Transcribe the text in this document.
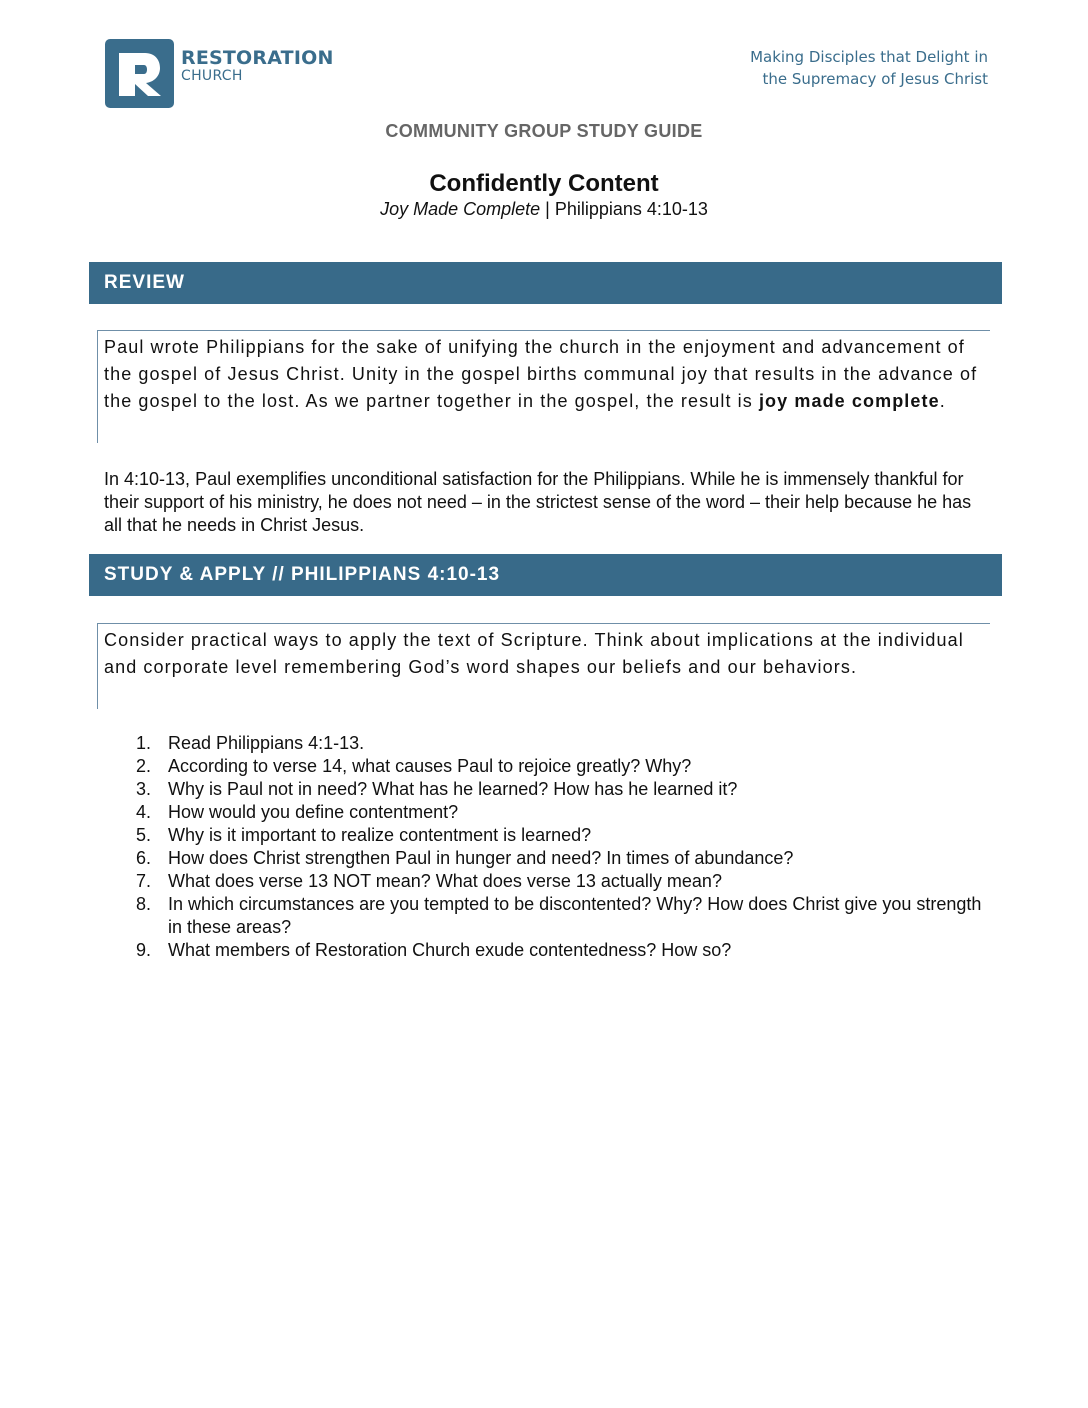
RESTORATION
CHURCH
Making Disciples that Delight in
the Supremacy of Jesus Christ
COMMUNITY GROUP STUDY GUIDE
Confidently Content
Joy Made Complete | Philippians 4:10-13
REVIEW
Paul wrote Philippians for the sake of unifying the church in the enjoyment and advancement of the gospel of Jesus Christ. Unity in the gospel births communal joy that results in the advance of the gospel to the lost. As we partner together in the gospel, the result is joy made complete.
In 4:10-13, Paul exemplifies unconditional satisfaction for the Philippians. While he is immensely thankful for their support of his ministry, he does not need – in the strictest sense of the word – their help because he has all that he needs in Christ Jesus.
STUDY & APPLY // PHILIPPIANS 4:10-13
Consider practical ways to apply the text of Scripture. Think about implications at the individual and corporate level remembering God’s word shapes our beliefs and our behaviors.
1. Read Philippians 4:1-13.
2. According to verse 14, what causes Paul to rejoice greatly? Why?
3. Why is Paul not in need? What has he learned? How has he learned it?
4. How would you define contentment?
5. Why is it important to realize contentment is learned?
6. How does Christ strengthen Paul in hunger and need? In times of abundance?
7. What does verse 13 NOT mean? What does verse 13 actually mean?
8. In which circumstances are you tempted to be discontented? Why? How does Christ give you strength in these areas?
9. What members of Restoration Church exude contentedness? How so?
